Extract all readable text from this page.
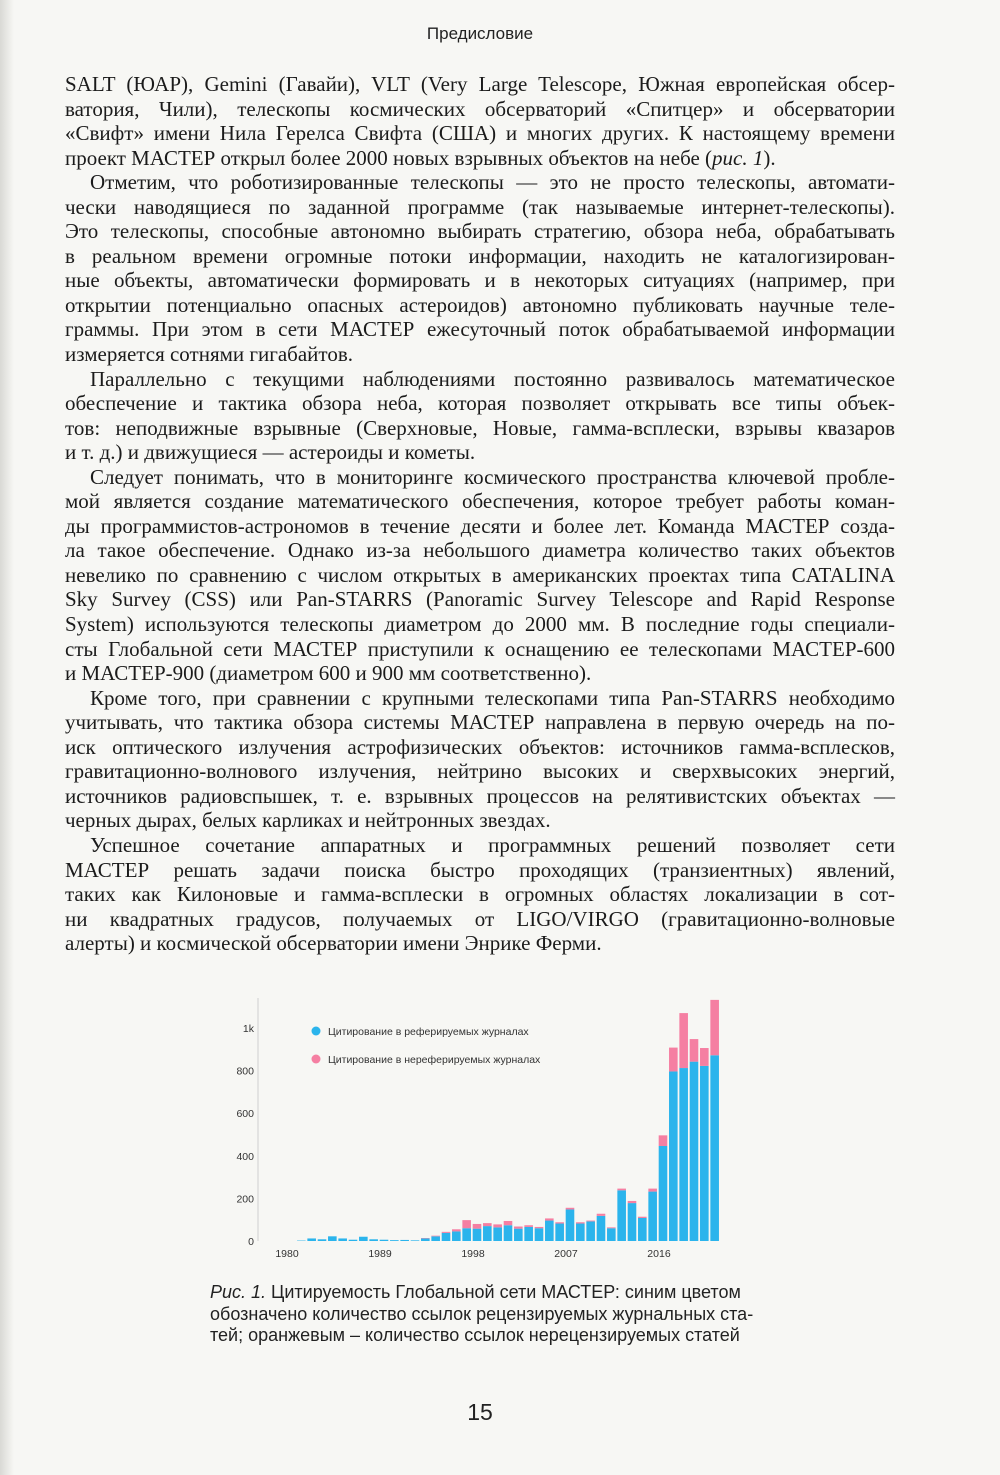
Предисловие
SALT (ЮАР), Gemini (Гавайи), VLT (Very Large Telescope, Южная европейская обсер-
ватория, Чили), телескопы космических обсерваторий «Спитцер» и обсерватории
«Свифт» имени Нила Герелса Свифта (США) и многих других. К настоящему времени
проект МАСТЕР открыл более 2000 новых взрывных объектов на небе (рис. 1).
Отметим, что роботизированные телескопы — это не просто телескопы, автомати-
чески наводящиеся по заданной программе (так называемые интернет-телескопы).
Это телескопы, способные автономно выбирать стратегию, обзора неба, обрабатывать
в реальном времени огромные потоки информации, находить не каталогизирован-
ные объекты, автоматически формировать и в некоторых ситуациях (например, при
открытии потенциально опасных астероидов) автономно публиковать научные теле-
граммы. При этом в сети МАСТЕР ежесуточный поток обрабатываемой информации
измеряется сотнями гигабайтов.
Параллельно с текущими наблюдениями постоянно развивалось математическое
обеспечение и тактика обзора неба, которая позволяет открывать все типы объек-
тов: неподвижные взрывные (Сверхновые, Новые, гамма-всплески, взрывы квазаров
и т. д.) и движущиеся — астероиды и кометы.
Следует понимать, что в мониторинге космического пространства ключевой пробле-
мой является создание математического обеспечения, которое требует работы коман-
ды программистов-астрономов в течение десяти и более лет. Команда МАСТЕР созда-
ла такое обеспечение. Однако из-за небольшого диаметра количество таких объектов
невелико по сравнению с числом открытых в американских проектах типа CATALINA
Sky Survey (CSS) или Pan-STARRS (Panoramic Survey Telescope and Rapid Response
System) используются телескопы диаметром до 2000 мм. В последние годы специали-
сты Глобальной сети МАСТЕР приступили к оснащению ее телескопами МАСТЕР-600
и МАСТЕР-900 (диаметром 600 и 900 мм соответственно).
Кроме того, при сравнении с крупными телескопами типа Pan-STARRS необходимо
учитывать, что тактика обзора системы МАСТЕР направлена в первую очередь на по-
иск оптического излучения астрофизических объектов: источников гамма-всплесков,
гравитационно-волнового излучения, нейтрино высоких и сверхвысоких энергий,
источников радиовспышек, т. е. взрывных процессов на релятивистских объектах —
черных дырах, белых карликах и нейтронных звездах.
Успешное сочетание аппаратных и программных решений позволяет сети
МАСТЕР решать задачи поиска быстро проходящих (транзиентных) явлений,
таких как Килоновые и гамма-всплески в огромных областях локализации в сот-
ни квадратных градусов, получаемых от LIGO/VIRGO (гравитационно-волновые
алерты) и космической обсерватории имени Энрике Ферми.
0
200
400
600
800
1k
1980	1989	1998	2007	2016
Цитирование в реферируемых журналах
Цитирование в нереферируемых журналах
Рис. 1. Цитируемость Глобальной сети МАСТЕР: синим цветом
обозначено количество ссылок рецензируемых журнальных ста-
тей; оранжевым – количество ссылок нерецензируемых статей
15
